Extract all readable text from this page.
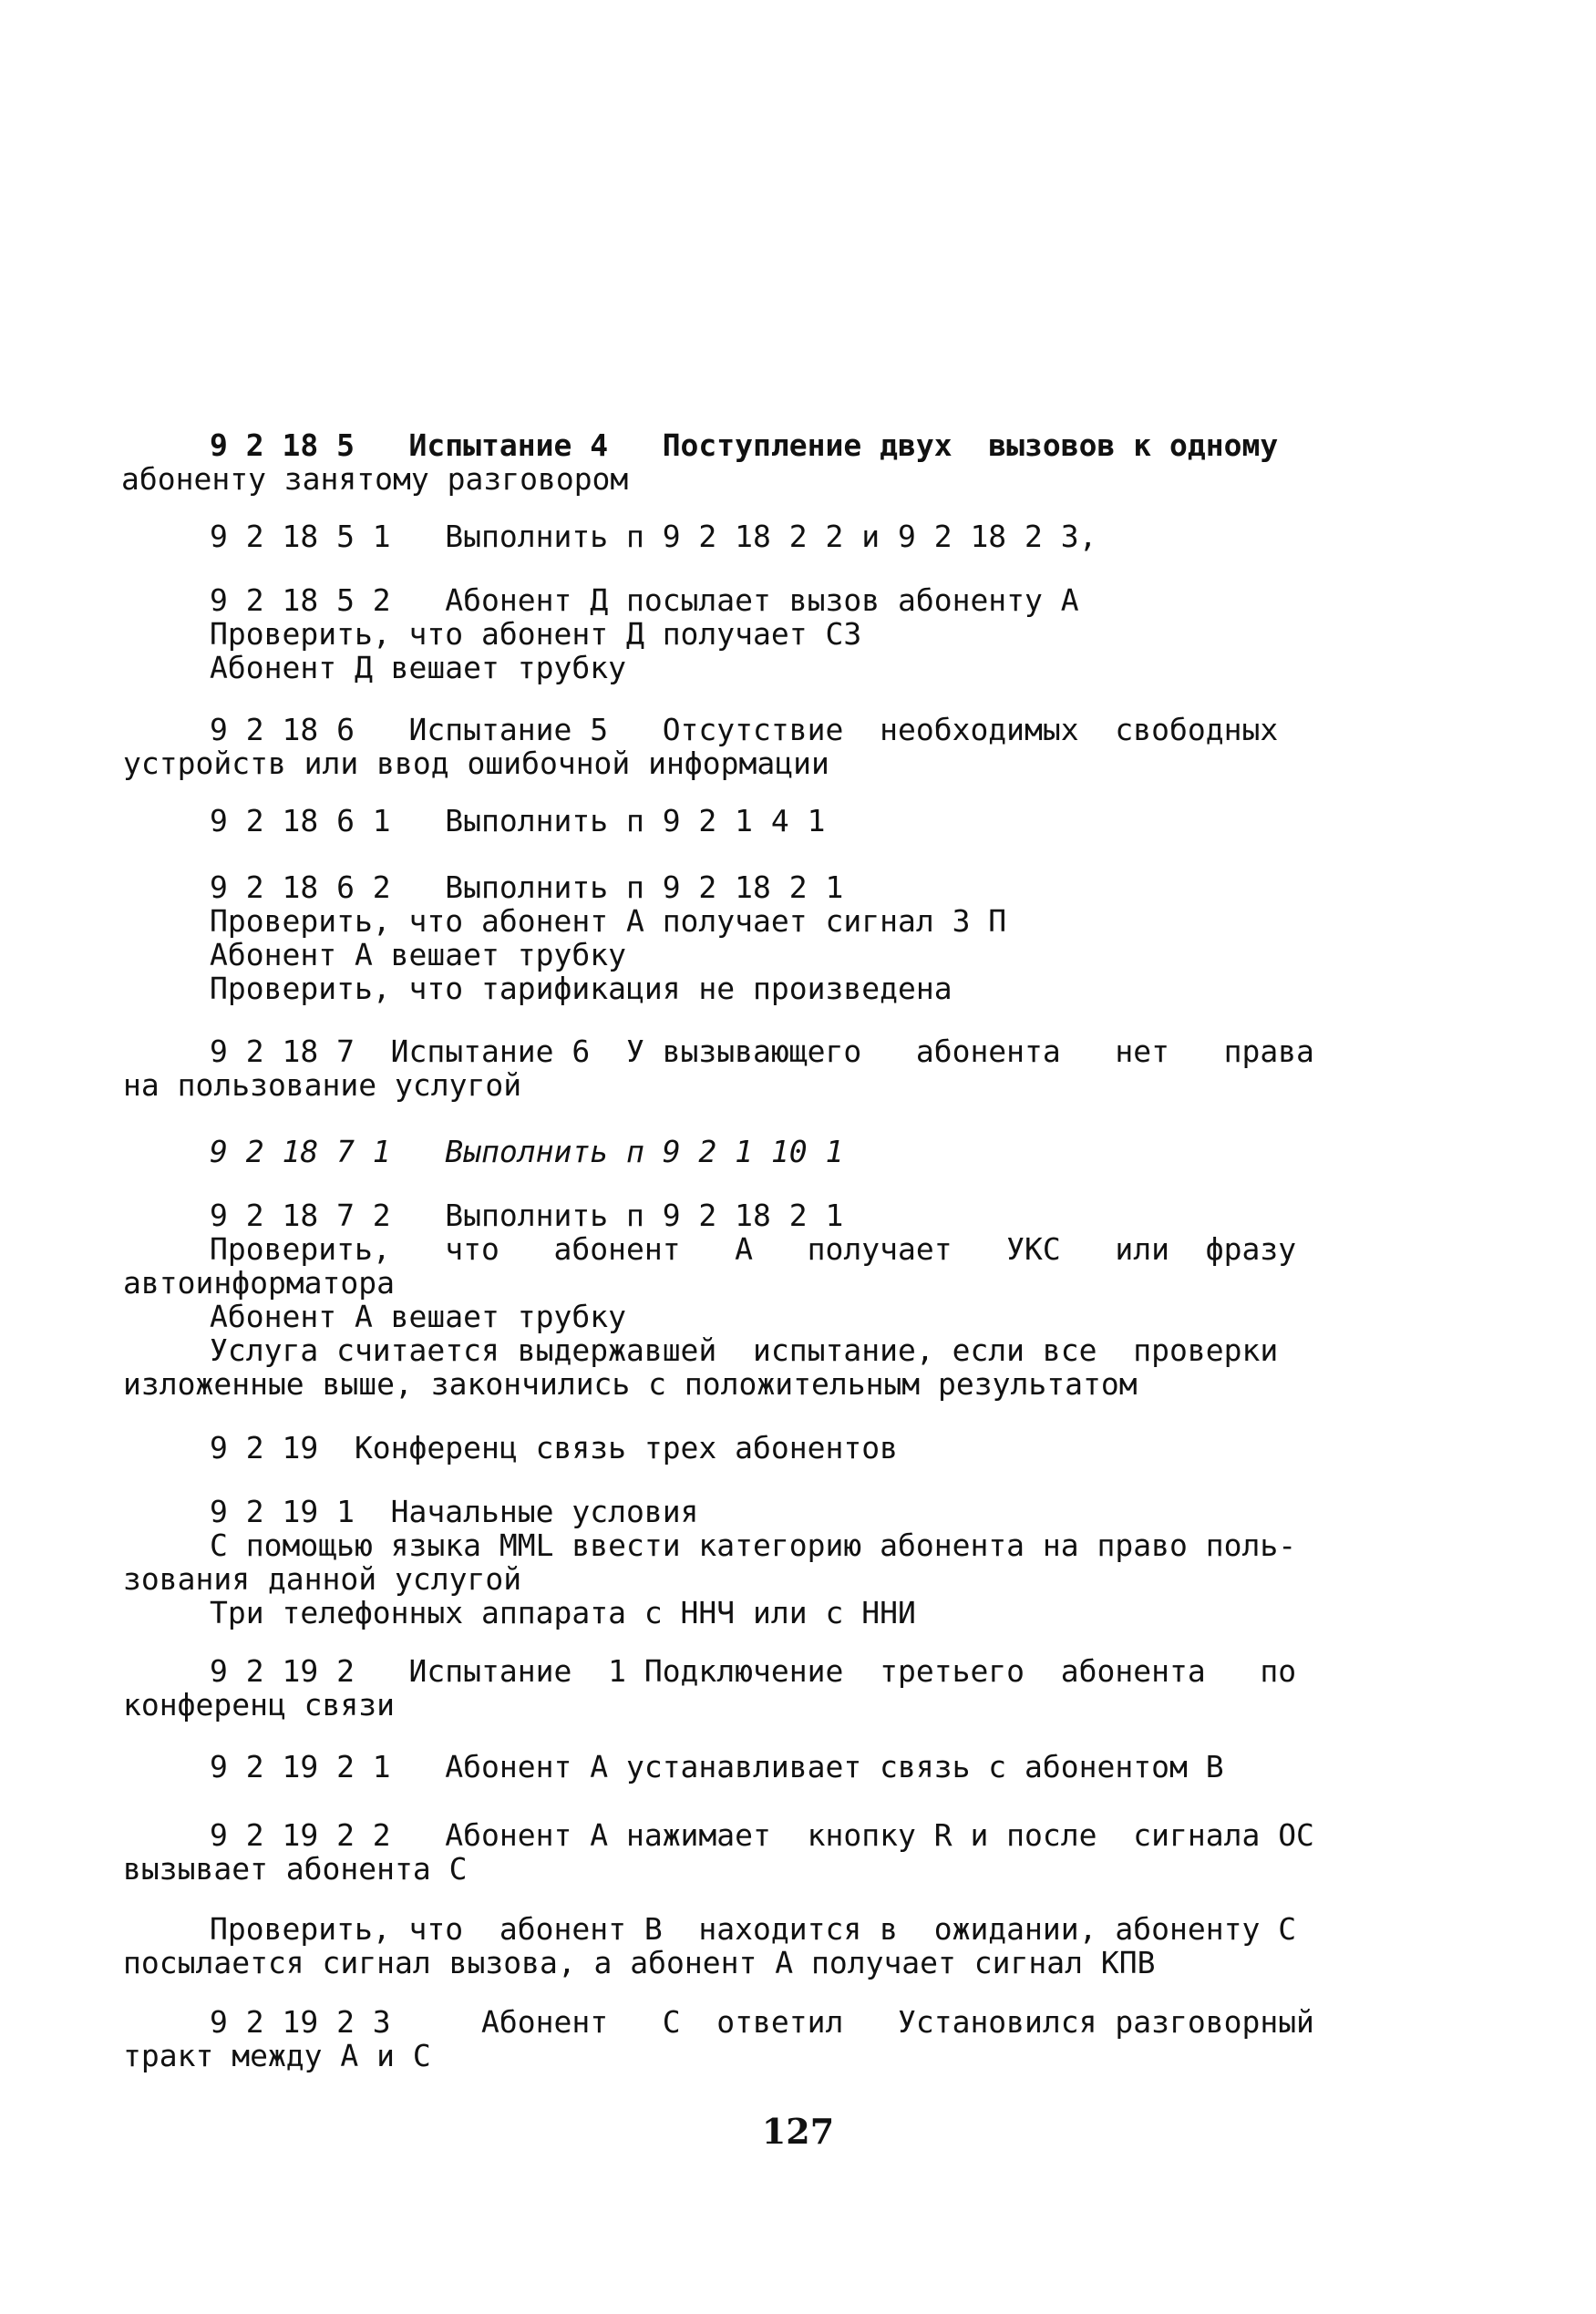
9 2 18 5   Испытание 4   Поступление двух  вызовов к одному
абоненту занятому разговором
9 2 18 5 1   Выполнить п 9 2 18 2 2 и 9 2 18 2 3,
9 2 18 5 2   Абонент Д посылает вызов абоненту А
Проверить, что абонент Д получает СЗ
Абонент Д вешает трубку
9 2 18 6   Испытание 5   Отсутствие  необходимых  свободных
устройств или ввод ошибочной информации
9 2 18 6 1   Выполнить п 9 2 1 4 1
9 2 18 6 2   Выполнить п 9 2 18 2 1
Проверить, что абонент А получает сигнал З П
Абонент А вешает трубку
Проверить, что тарификация не произведена
9 2 18 7  Испытание 6  У вызывающего   абонента   нет   права
на пользование услугой
9 2 18 7 1   Выполнить п 9 2 1 10 1
9 2 18 7 2   Выполнить п 9 2 18 2 1
Проверить,   что   абонент   А   получает   УКС   или  фразу
автоинформатора
Абонент А вешает трубку
Услуга считается выдержавшей  испытание, если все  проверки
изложенные выше, закончились с положительным результатом
9 2 19  Конференц связь трех абонентов
9 2 19 1  Начальные условия
С помощью языка MML ввести категорию абонента на право поль-
зования данной услугой
Три телефонных аппарата с ННЧ или с ННИ
9 2 19 2   Испытание  1 Подключение  третьего  абонента   по
конференц связи
9 2 19 2 1   Абонент А устанавливает связь с абонентом В
9 2 19 2 2   Абонент А нажимает  кнопку R и после  сигнала ОС
вызывает абонента С
Проверить, что  абонент В  находится в  ожидании, абоненту С
посылается сигнал вызова, а абонент А получает сигнал КПВ
9 2 19 2 3     Абонент   С  ответил   Установился разговорный
тракт между А и С
127
